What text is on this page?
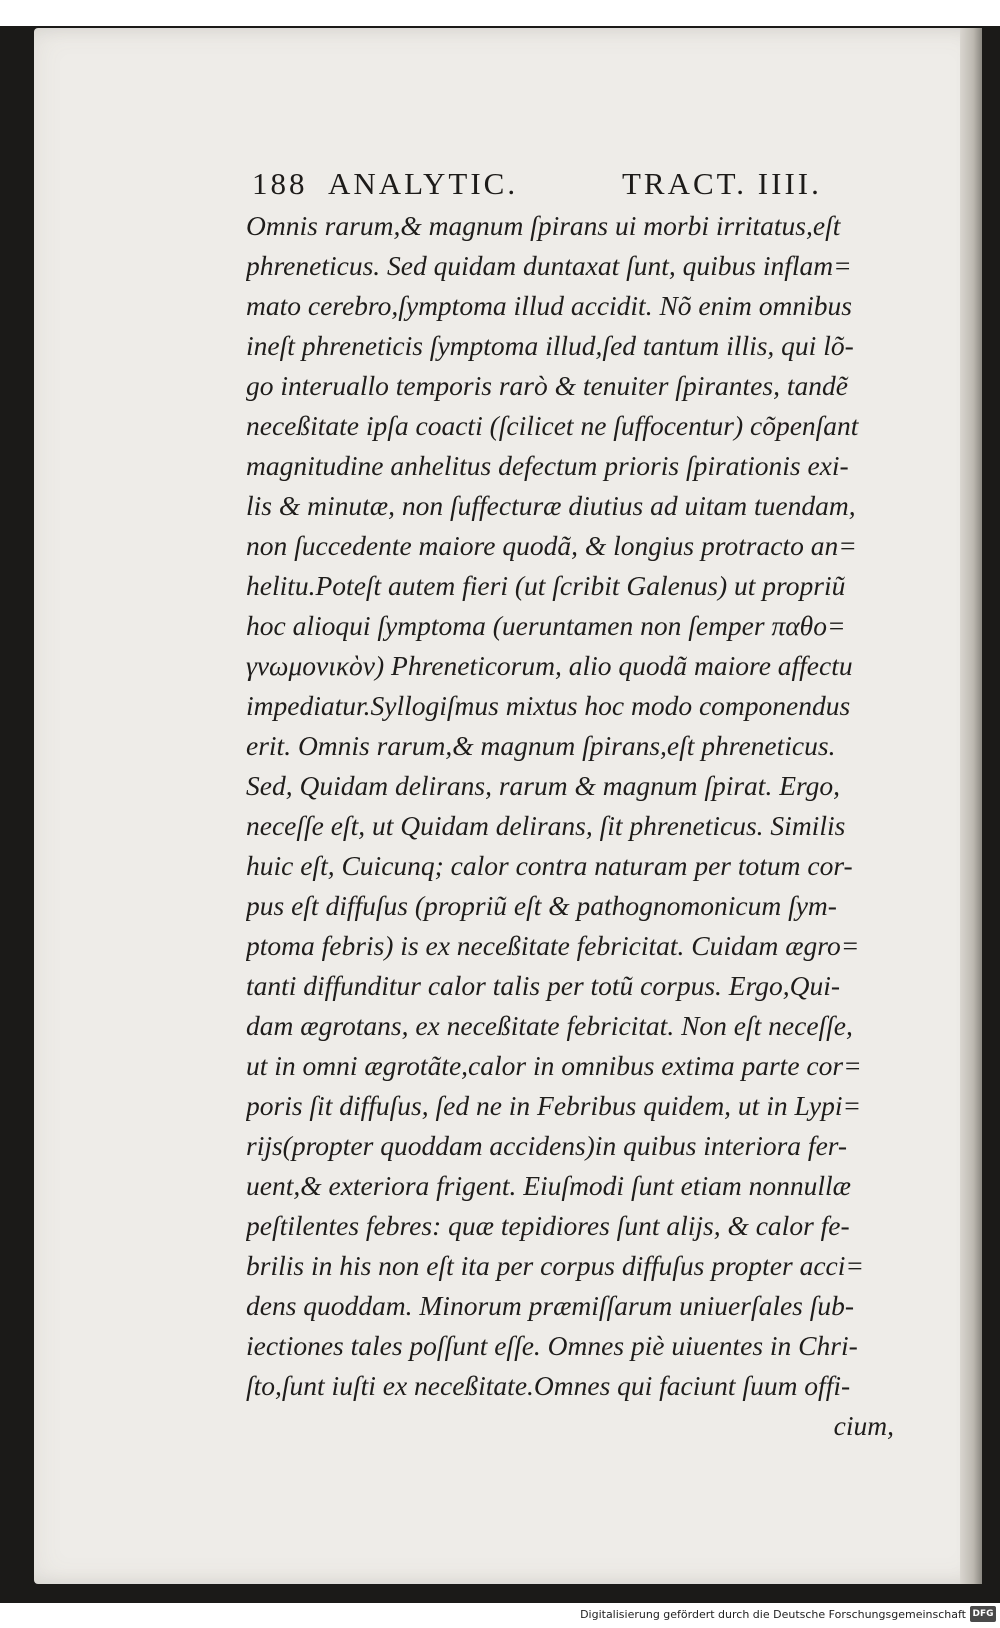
188 ANALYTIC.	TRACT. IIII.
Omnis rarum,& magnum ſpirans ui morbi irritatus,eſt
phreneticus. Sed quidam duntaxat ſunt, quibus inflam=
mato cerebro,ſymptoma illud accidit. Nõ enim omnibus
ineſt phreneticis ſymptoma illud,ſed tantum illis, qui lõ-
go interuallo temporis rarò & tenuiter ſpirantes, tandẽ
neceßitate ipſa coacti (ſcilicet ne ſuffocentur) cõpenſant
magnitudine anhelitus defectum prioris ſpirationis exi-
lis & minutæ, non ſuffecturæ diutius ad uitam tuendam,
non ſuccedente maiore quodã, & longius protracto an=
helitu.Poteſt autem fieri (ut ſcribit Galenus) ut propriũ
hoc alioqui ſymptoma (ueruntamen non ſemper παθο=
γνωμονικὸν) Phreneticorum, alio quodã maiore affectu
impediatur.Syllogiſmus mixtus hoc modo componendus
erit. Omnis rarum,& magnum ſpirans,eſt phreneticus.
Sed, Quidam delirans, rarum & magnum ſpirat. Ergo,
neceſſe eſt, ut Quidam delirans, ſit phreneticus. Similis
huic eſt, Cuicunq; calor contra naturam per totum cor-
pus eſt diffuſus (propriũ eſt & pathognomonicum ſym-
ptoma febris) is ex neceßitate febricitat. Cuidam ægro=
tanti diffunditur calor talis per totũ corpus. Ergo,Qui-
dam ægrotans, ex neceßitate febricitat. Non eſt neceſſe,
ut in omni ægrotãte,calor in omnibus extima parte cor=
poris ſit diffuſus, ſed ne in Febribus quidem, ut in Lypi=
rijs(propter quoddam accidens)in quibus interiora fer-
uent,& exteriora frigent. Eiuſmodi ſunt etiam nonnullæ
peſtilentes febres: quæ tepidiores ſunt alijs, & calor fe-
brilis in his non eſt ita per corpus diffuſus propter acci=
dens quoddam. Minorum præmiſſarum uniuerſales ſub-
iectiones tales poſſunt eſſe. Omnes piè uiuentes in Chri-
ſto,ſunt iuſti ex neceßitate.Omnes qui faciunt ſuum offi-
cium,
Digitalisierung gefördert durch die Deutsche Forschungsgemeinschaft DFG
